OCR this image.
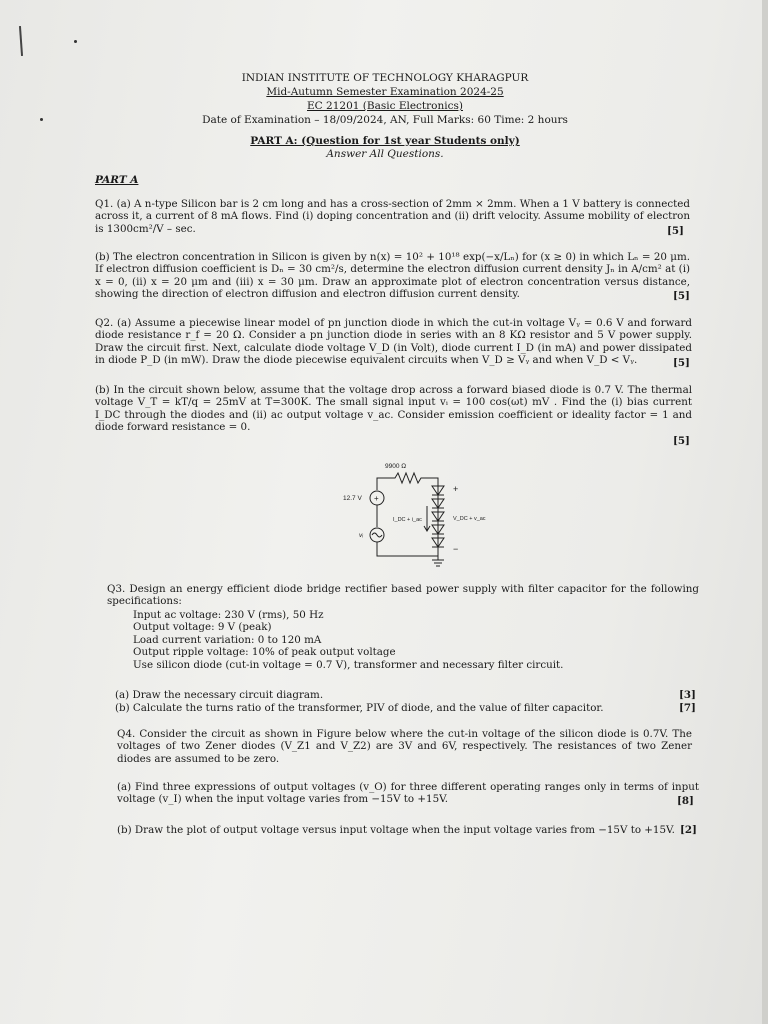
INDIAN INSTITUTE OF TECHNOLOGY KHARAGPUR
Mid-Autumn Semester Examination 2024-25
EC 21201 (Basic Electronics)
Date of Examination – 18/09/2024, AN, Full Marks: 60 Time: 2 hours
PART A: (Question for 1st year Students only)
Answer All Questions.
PART A
Q1. (a) A n-type Silicon bar is 2 cm long and has a cross-section of 2mm × 2mm. When a 1 V battery is connected across it, a current of 8 mA flows. Find (i) doping concentration and (ii) drift velocity. Assume mobility of electron is 1300cm²/V – sec.	[5]
(b) The electron concentration in Silicon is given by n(x) = 10² + 10¹⁸ exp(−x/Lₙ) for (x ≥ 0) in which Lₙ = 20 μm. If electron diffusion coefficient is Dₙ = 30 cm²/s, determine the electron diffusion current density Jₙ in A/cm² at (i) x = 0, (ii) x = 20 μm and (iii) x = 30 μm. Draw an approximate plot of electron concentration versus distance, showing the direction of electron diffusion and electron diffusion current density.	[5]
Q2. (a) Assume a piecewise linear model of pn junction diode in which the cut-in voltage Vᵧ = 0.6 V and forward diode resistance r_f = 20 Ω. Consider a pn junction diode in series with an 8 KΩ resistor and 5 V power supply. Draw the circuit first. Next, calculate diode voltage V_D (in Volt), diode current I_D (in mA) and power dissipated in diode P_D (in mW). Draw the diode piecewise equivalent circuits when V_D ≥ Vᵧ and when V_D < Vᵧ.	[5]
(b) In the circuit shown below, assume that the voltage drop across a forward biased diode is 0.7 V. The thermal voltage V_T = kT/q = 25mV at T=300K. The small signal input vᵢ = 100 cos(ωt) mV . Find the (i) bias current I_DC through the diodes and (ii) ac output voltage v_ac. Consider emission coefficient or ideality factor = 1 and diode forward resistance = 0.
[5]
9900 Ω
12.7 V +
vᵢ
I_DC + i_ac	V_DC + v_ac
+
−
Q3. Design an energy efficient diode bridge rectifier based power supply with filter capacitor for the following specifications:
Input ac voltage: 230 V (rms), 50 Hz
Output voltage: 9 V (peak)
Load current variation: 0 to 120 mA
Output ripple voltage: 10% of peak output voltage
Use silicon diode (cut-in voltage = 0.7 V), transformer and necessary filter circuit.
(a) Draw the necessary circuit diagram.	[3]
(b) Calculate the turns ratio of the transformer, PIV of diode, and the value of filter capacitor.	[7]
Q4. Consider the circuit as shown in Figure below where the cut-in voltage of the silicon diode is 0.7V. The voltages of two Zener diodes (V_Z1 and V_Z2) are 3V and 6V, respectively. The resistances of two Zener diodes are assumed to be zero.
(a) Find three expressions of output voltages (v_O) for three different operating ranges only in terms of input voltage (v_I) when the input voltage varies from −15V to +15V.	[8]
(b) Draw the plot of output voltage versus input voltage when the input voltage varies from −15V to +15V. [2]
